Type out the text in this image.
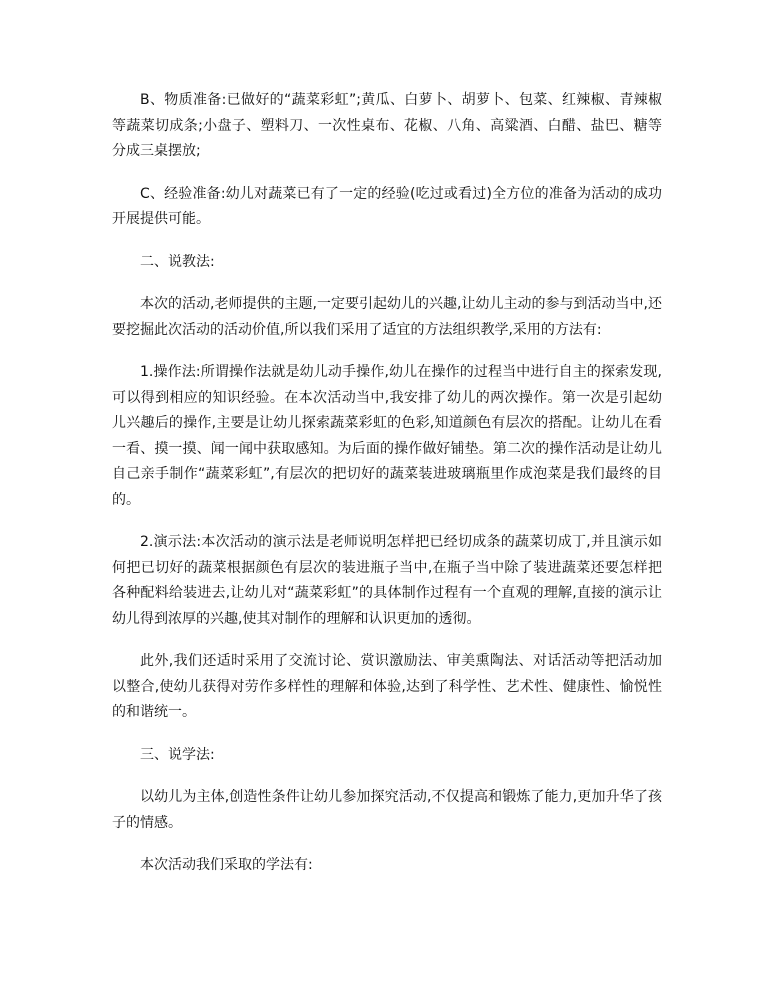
B、物质准备:已做好的“蔬菜彩虹”;黄瓜、白萝卜、胡萝卜、包菜、红辣椒、青辣椒等蔬菜切成条;小盘子、塑料刀、一次性桌布、花椒、八角、高粱酒、白醋、盐巴、糖等分成三桌摆放;

C、经验准备:幼儿对蔬菜已有了一定的经验(吃过或看过)全方位的准备为活动的成功开展提供可能。

二、说教法:

本次的活动,老师提供的主题,一定要引起幼儿的兴趣,让幼儿主动的参与到活动当中,还要挖掘此次活动的活动价值,所以我们采用了适宜的方法组织教学,采用的方法有:

1.操作法:所谓操作法就是幼儿动手操作,幼儿在操作的过程当中进行自主的探索发现,可以得到相应的知识经验。在本次活动当中,我安排了幼儿的两次操作。第一次是引起幼儿兴趣后的操作,主要是让幼儿探索蔬菜彩虹的色彩,知道颜色有层次的搭配。让幼儿在看一看、摸一摸、闻一闻中获取感知。为后面的操作做好铺垫。第二次的操作活动是让幼儿自己亲手制作“蔬菜彩虹”,有层次的把切好的蔬菜装进玻璃瓶里作成泡菜是我们最终的目的。

2.演示法:本次活动的演示法是老师说明怎样把已经切成条的蔬菜切成丁,并且演示如何把已切好的蔬菜根据颜色有层次的装进瓶子当中,在瓶子当中除了装进蔬菜还要怎样把各种配料给装进去,让幼儿对“蔬菜彩虹”的具体制作过程有一个直观的理解,直接的演示让幼儿得到浓厚的兴趣,使其对制作的理解和认识更加的透彻。

此外,我们还适时采用了交流讨论、赏识激励法、审美熏陶法、对话活动等把活动加以整合,使幼儿获得对劳作多样性的理解和体验,达到了科学性、艺术性、健康性、愉悦性的和谐统一。

三、说学法:

以幼儿为主体,创造性条件让幼儿参加探究活动,不仅提高和锻炼了能力,更加升华了孩子的情感。

本次活动我们采取的学法有:
